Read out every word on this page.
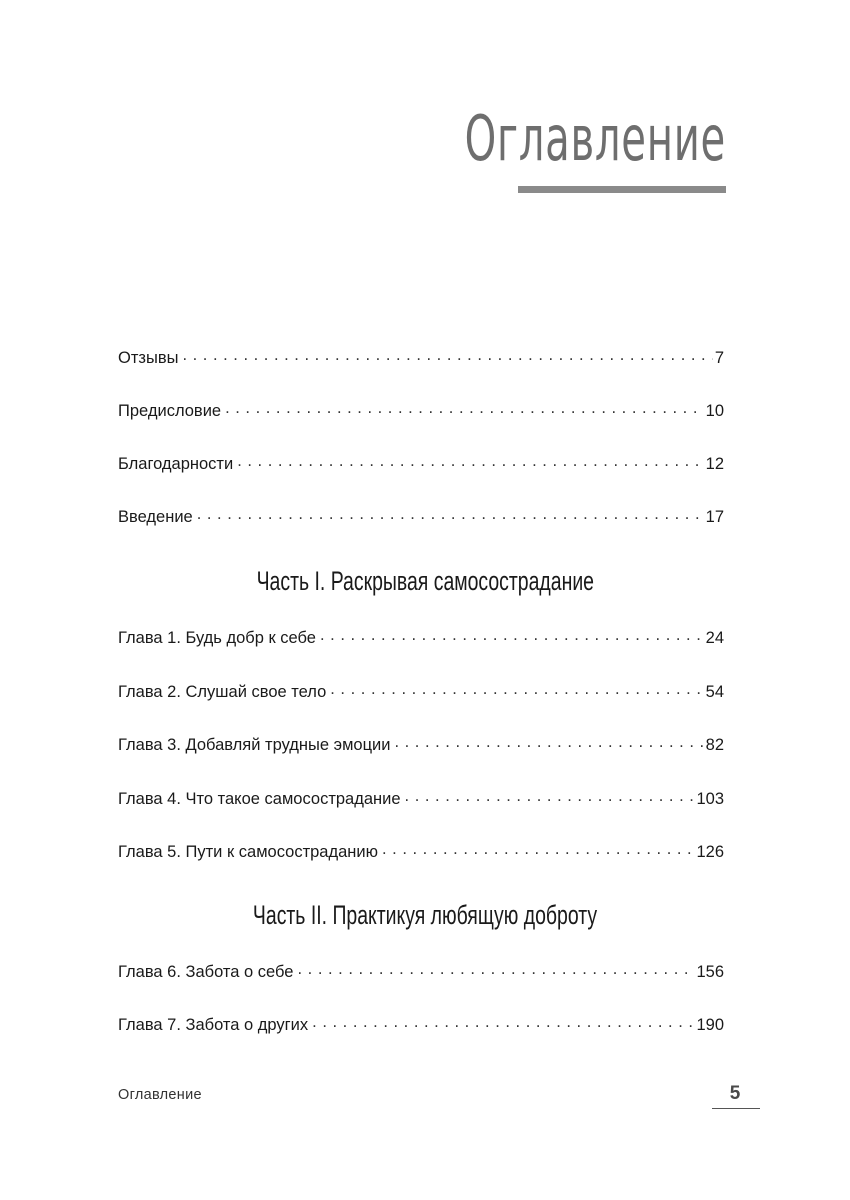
Оглавление
Отзывы . . .	7
Предисловие . . .	10
Благодарности . . .	12
Введение . . .	17
Часть I. Раскрывая самосострадание
Глава 1. Будь добр к себе . . .	24
Глава 2. Слушай свое тело . . .	54
Глава 3. Добавляй трудные эмоции . . .	82
Глава 4. Что такое самосострадание . . .	103
Глава 5. Пути к самосостраданию . . .	126
Часть II. Практикуя любящую доброту
Глава 6. Забота о себе . . .	156
Глава 7. Забота о других . . .	190
Оглавление	5
